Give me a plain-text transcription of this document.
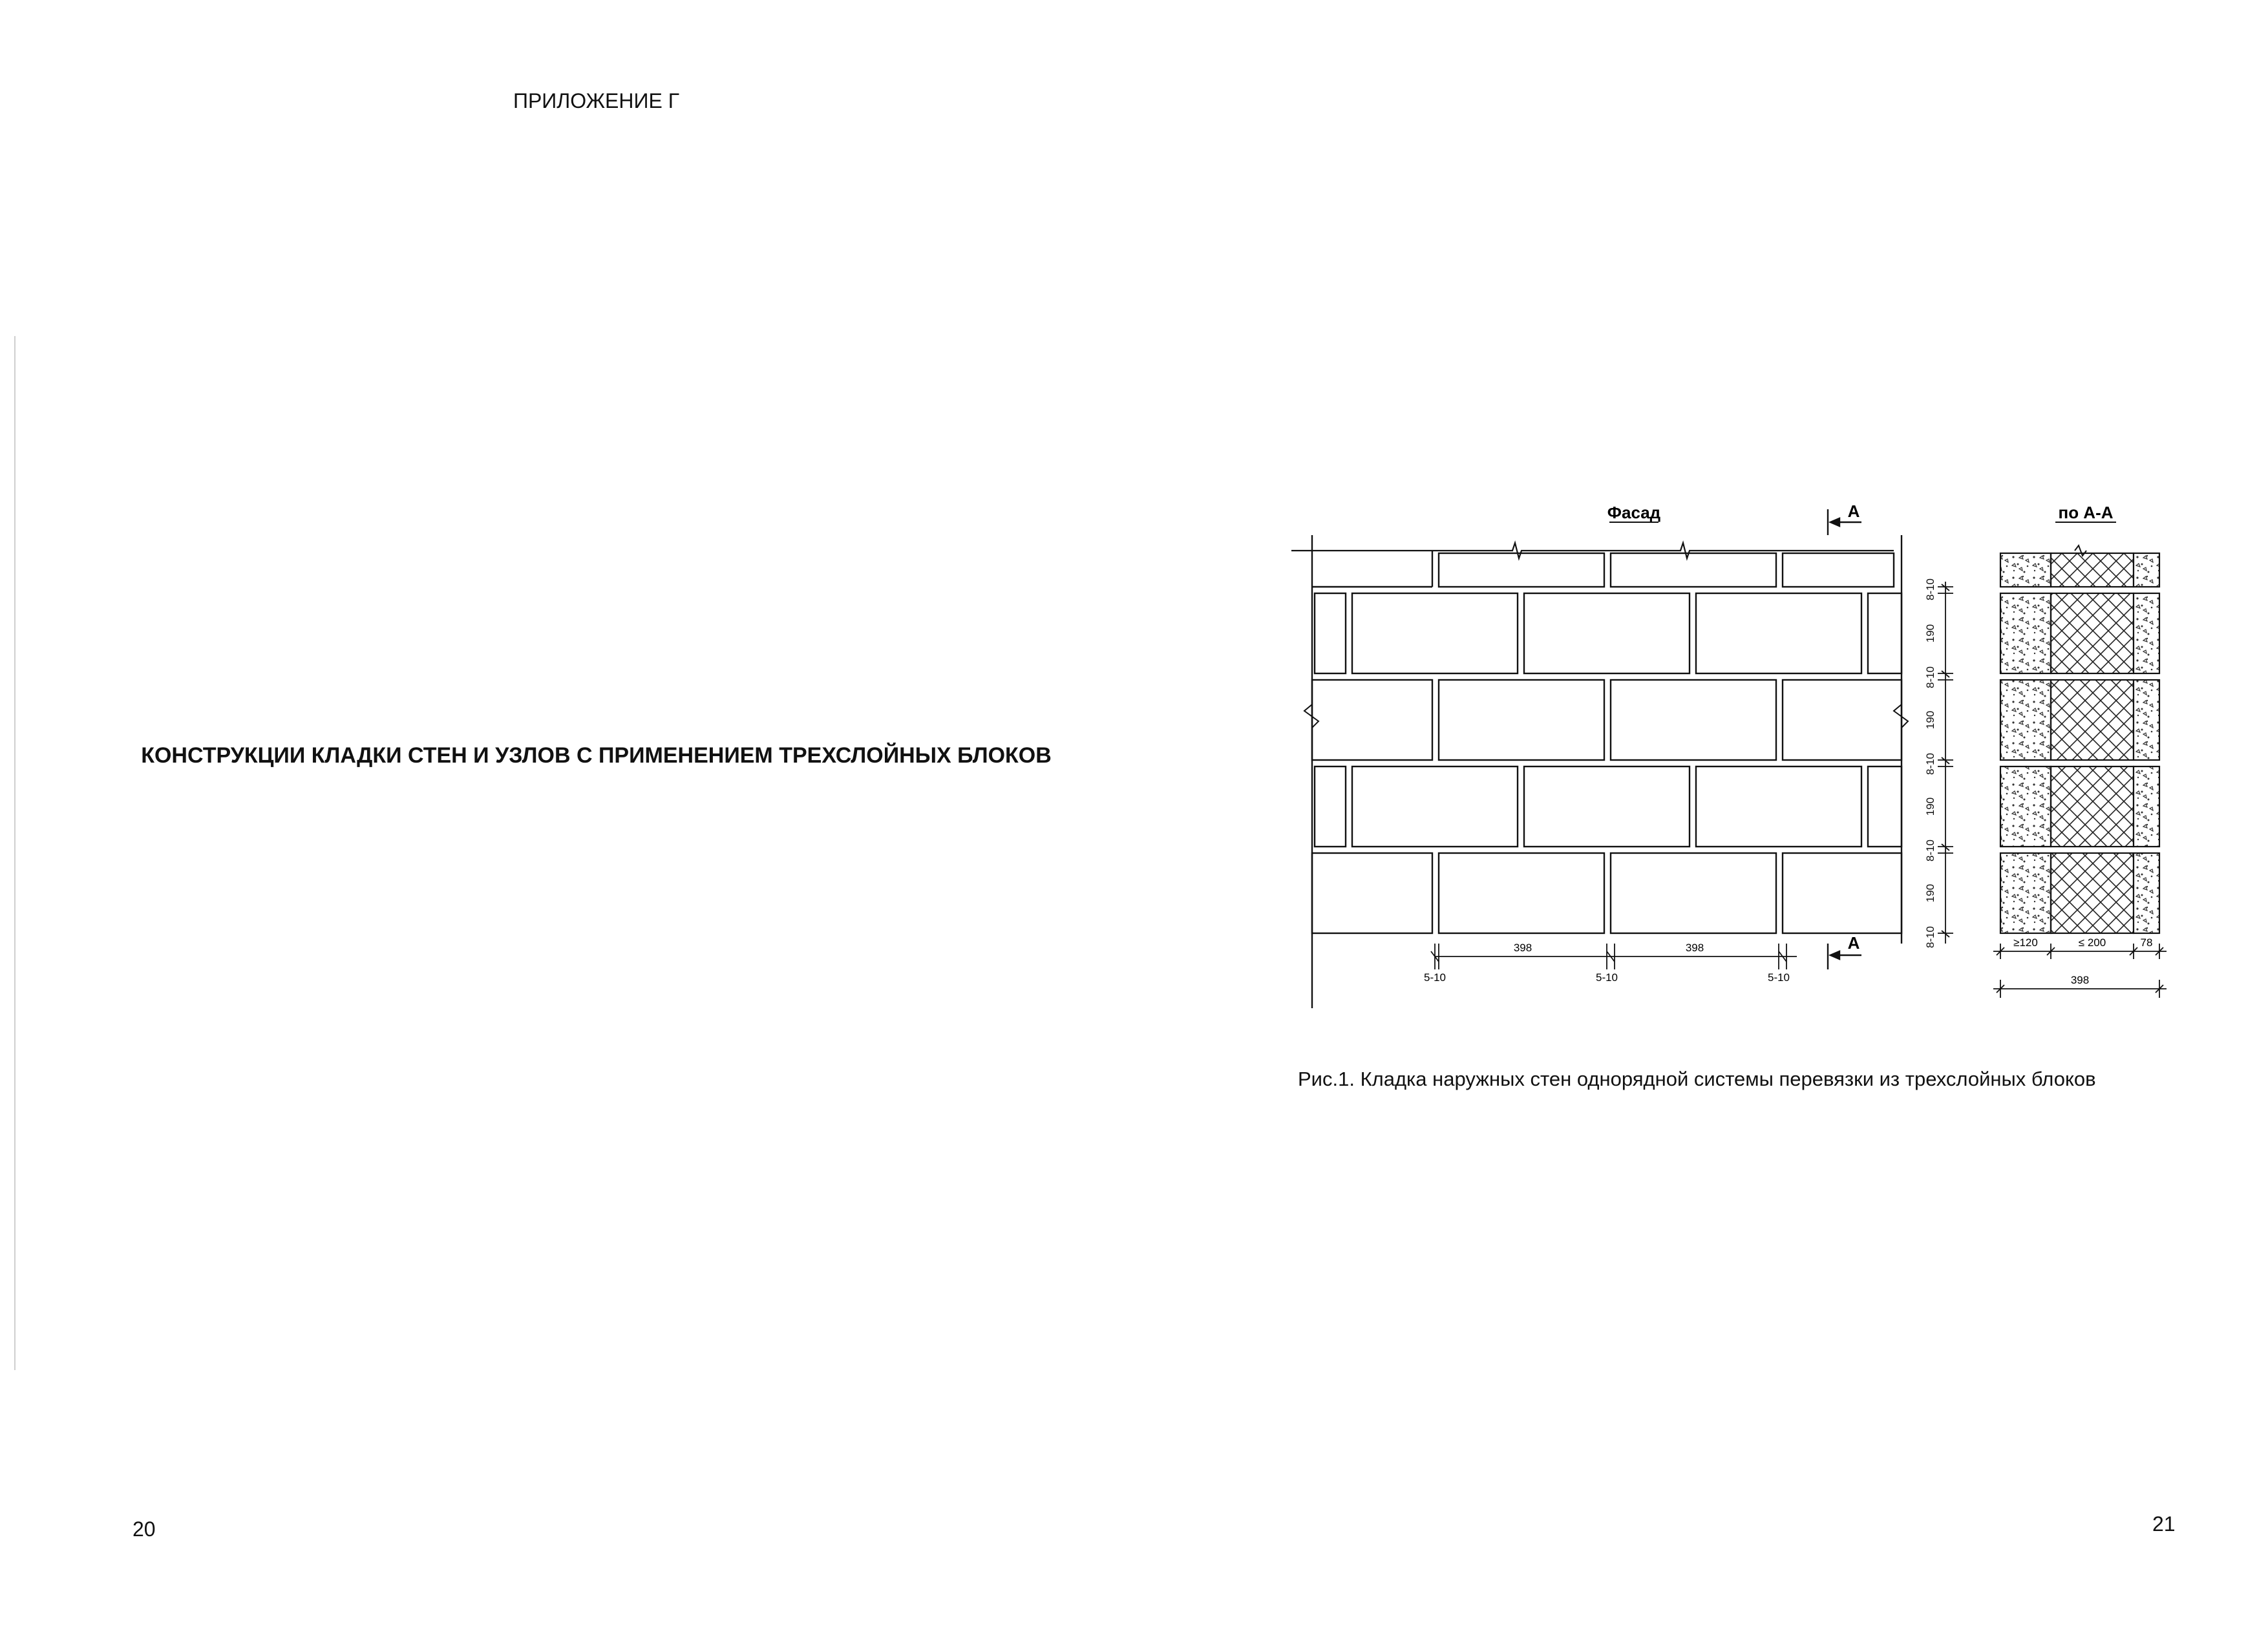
ПРИЛОЖЕНИЕ Г
КОНСТРУКЦИИ КЛАДКИ СТЕН И УЗЛОВ С ПРИМЕНЕНИЕМ ТРЕХСЛОЙНЫХ БЛОКОВ
20
Фасад	А
А
398	398
5-10	5-10	5-10
8-10
190
8-10
190
8-10
190
8-10
190
8-10
по А-А
≥120	≤ 200	78
398
Рис.1. Кладка наружных стен однорядной системы перевязки из трехслойных блоков
21
